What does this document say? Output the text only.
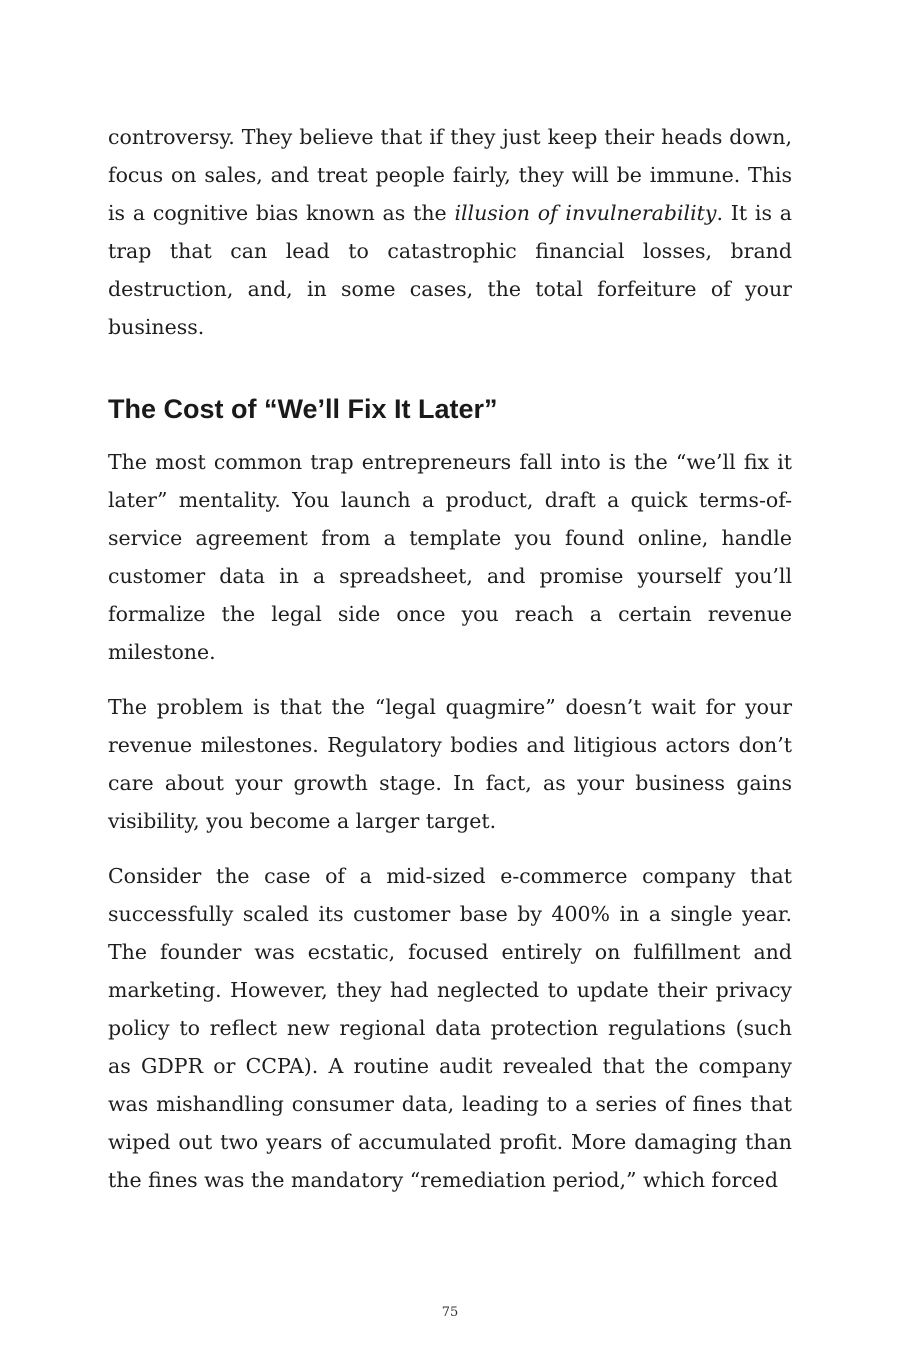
controversy. They believe that if they just keep their heads down, focus on sales, and treat people fairly, they will be immune. This is a cognitive bias known as the illusion of invulnerability. It is a trap that can lead to catastrophic financial losses, brand destruction, and, in some cases, the total forfeiture of your business.

The Cost of “We’ll Fix It Later”

The most common trap entrepreneurs fall into is the “we’ll fix it later” mentality. You launch a product, draft a quick terms-of-service agreement from a template you found online, handle customer data in a spreadsheet, and promise yourself you’ll formalize the legal side once you reach a certain revenue milestone.

The problem is that the “legal quagmire” doesn’t wait for your revenue milestones. Regulatory bodies and litigious actors don’t care about your growth stage. In fact, as your business gains visibility, you become a larger target.

Consider the case of a mid-sized e-commerce company that successfully scaled its customer base by 400% in a single year. The founder was ecstatic, focused entirely on fulfillment and marketing. However, they had neglected to update their privacy policy to reflect new regional data protection regulations (such as GDPR or CCPA). A routine audit revealed that the company was mishandling consumer data, leading to a series of fines that wiped out two years of accumulated profit. More damaging than the fines was the mandatory “remediation period,” which forced

75
